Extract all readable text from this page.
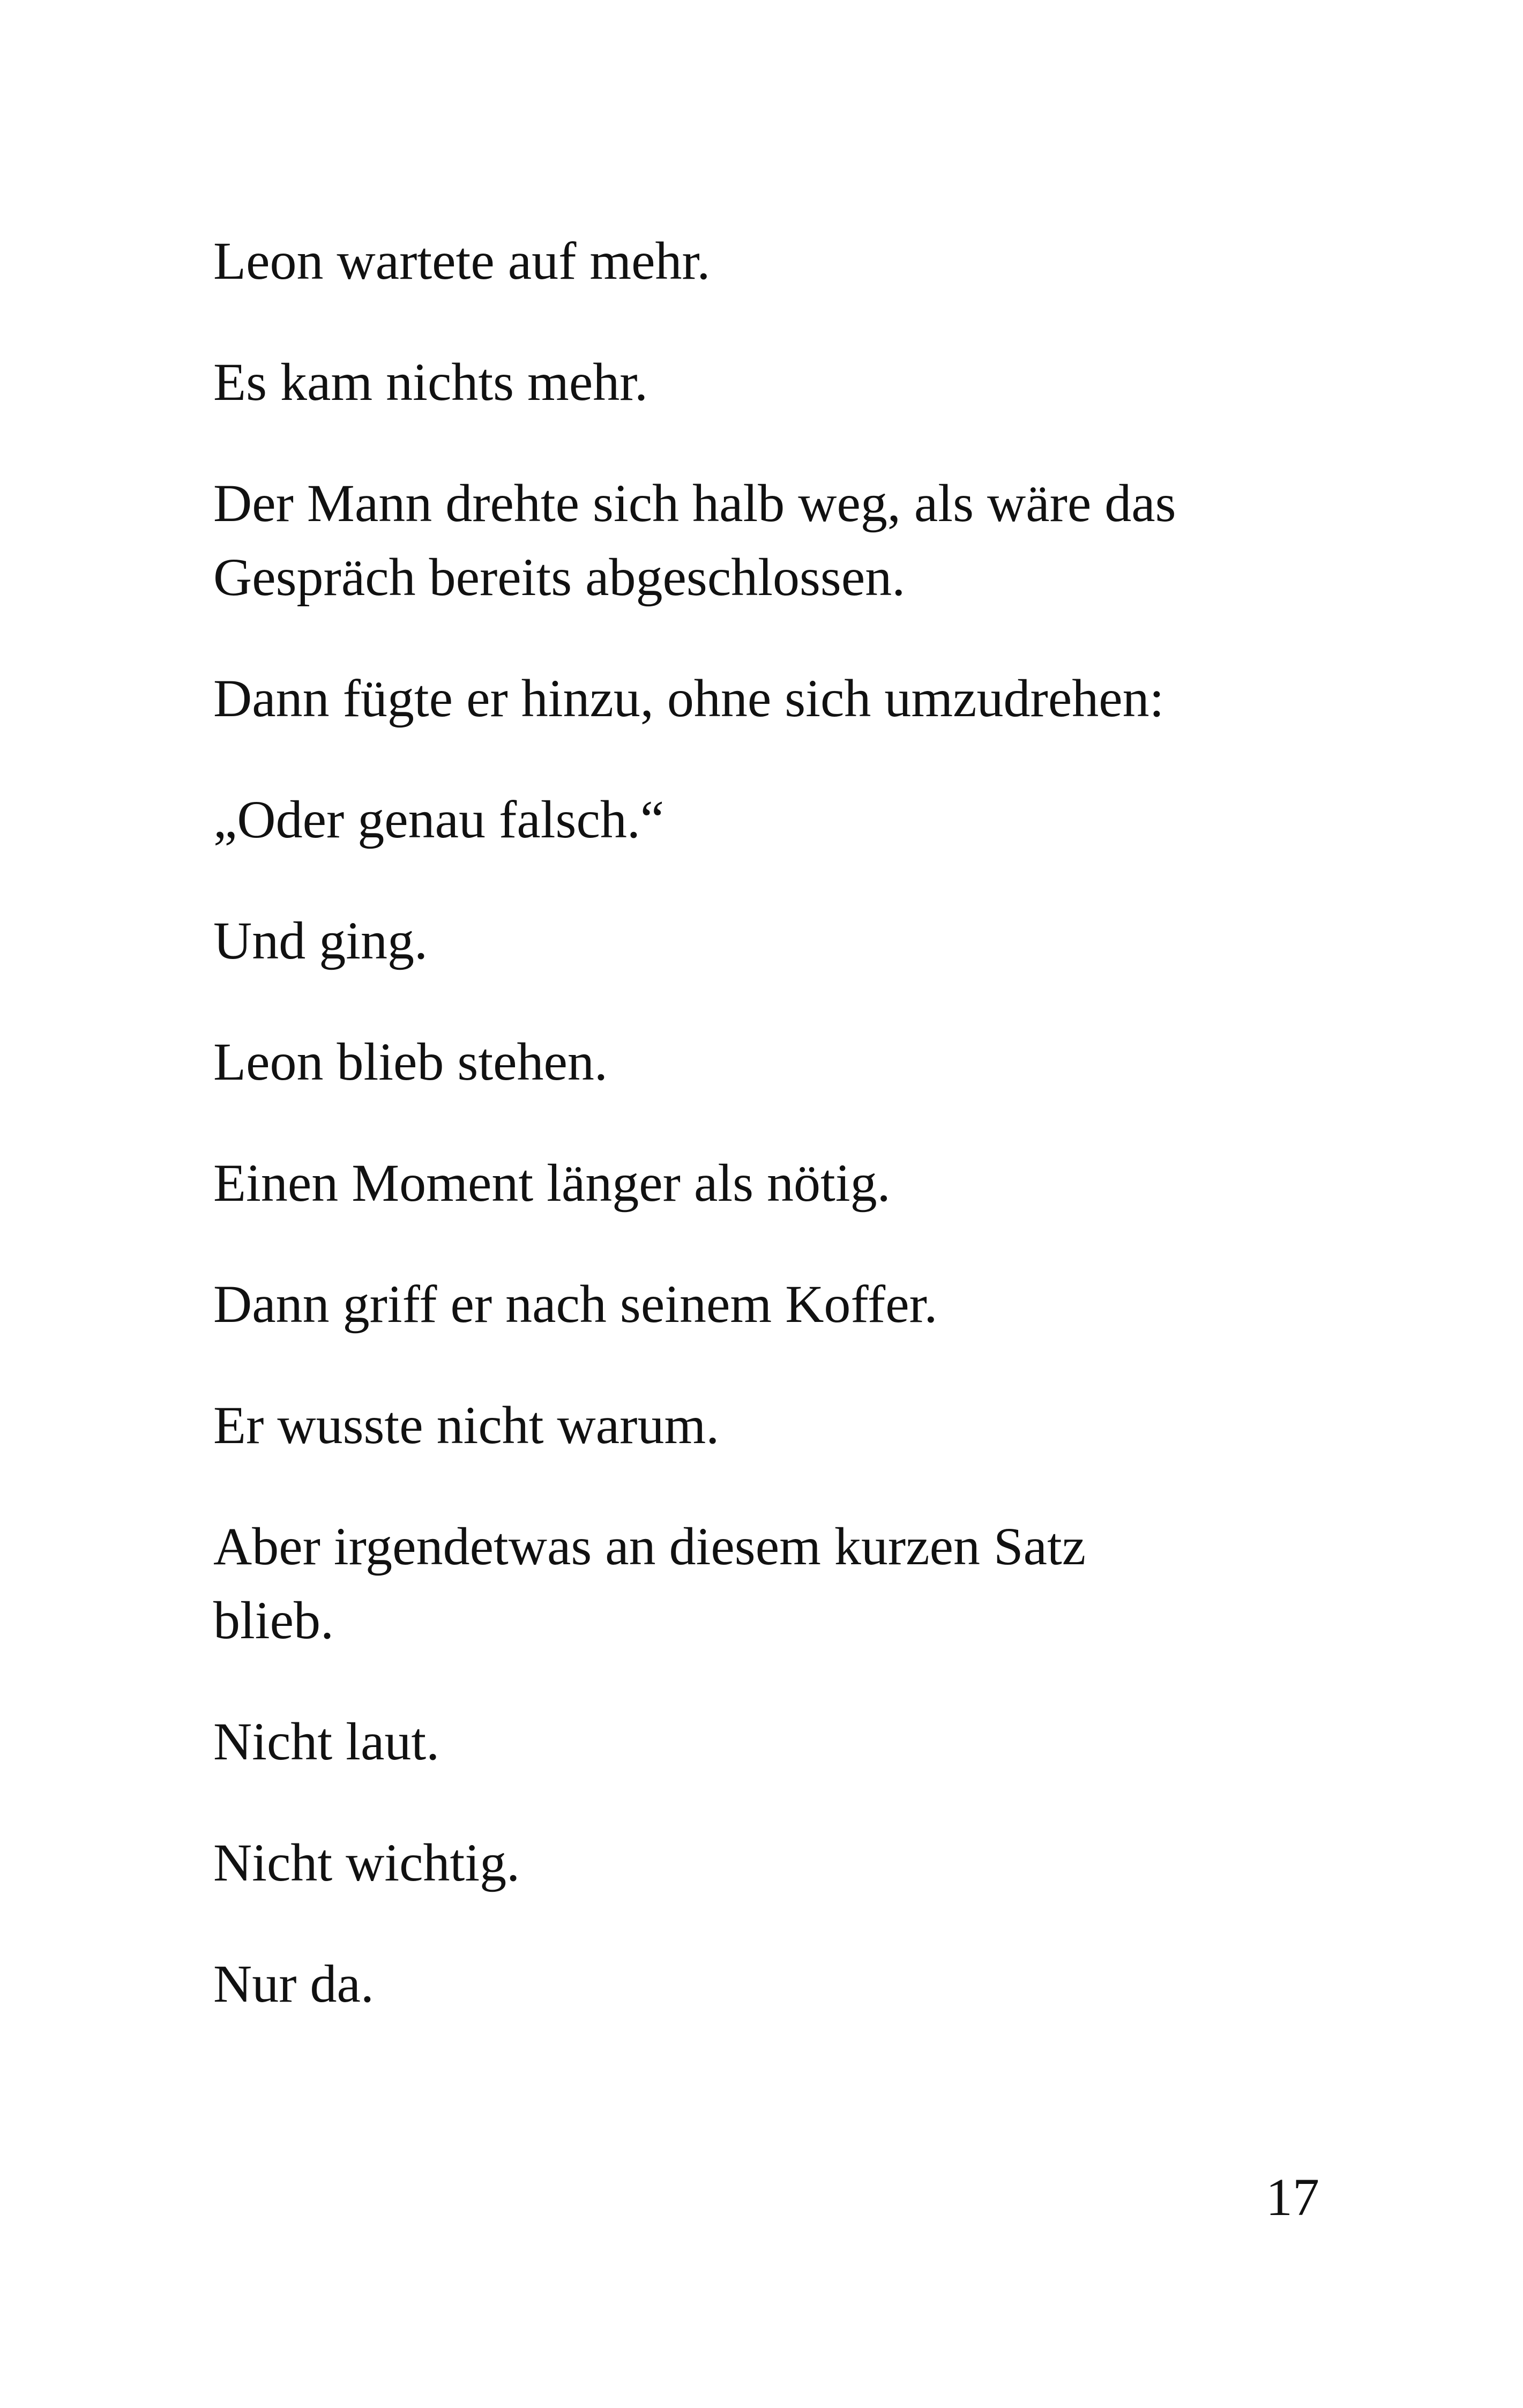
Leon wartete auf mehr.

Es kam nichts mehr.

Der Mann drehte sich halb weg, als wäre das
Gespräch bereits abgeschlossen.

Dann fügte er hinzu, ohne sich umzudrehen:

„Oder genau falsch.“

Und ging.

Leon blieb stehen.

Einen Moment länger als nötig.

Dann griff er nach seinem Koffer.

Er wusste nicht warum.

Aber irgendetwas an diesem kurzen Satz
blieb.

Nicht laut.

Nicht wichtig.

Nur da.

17
